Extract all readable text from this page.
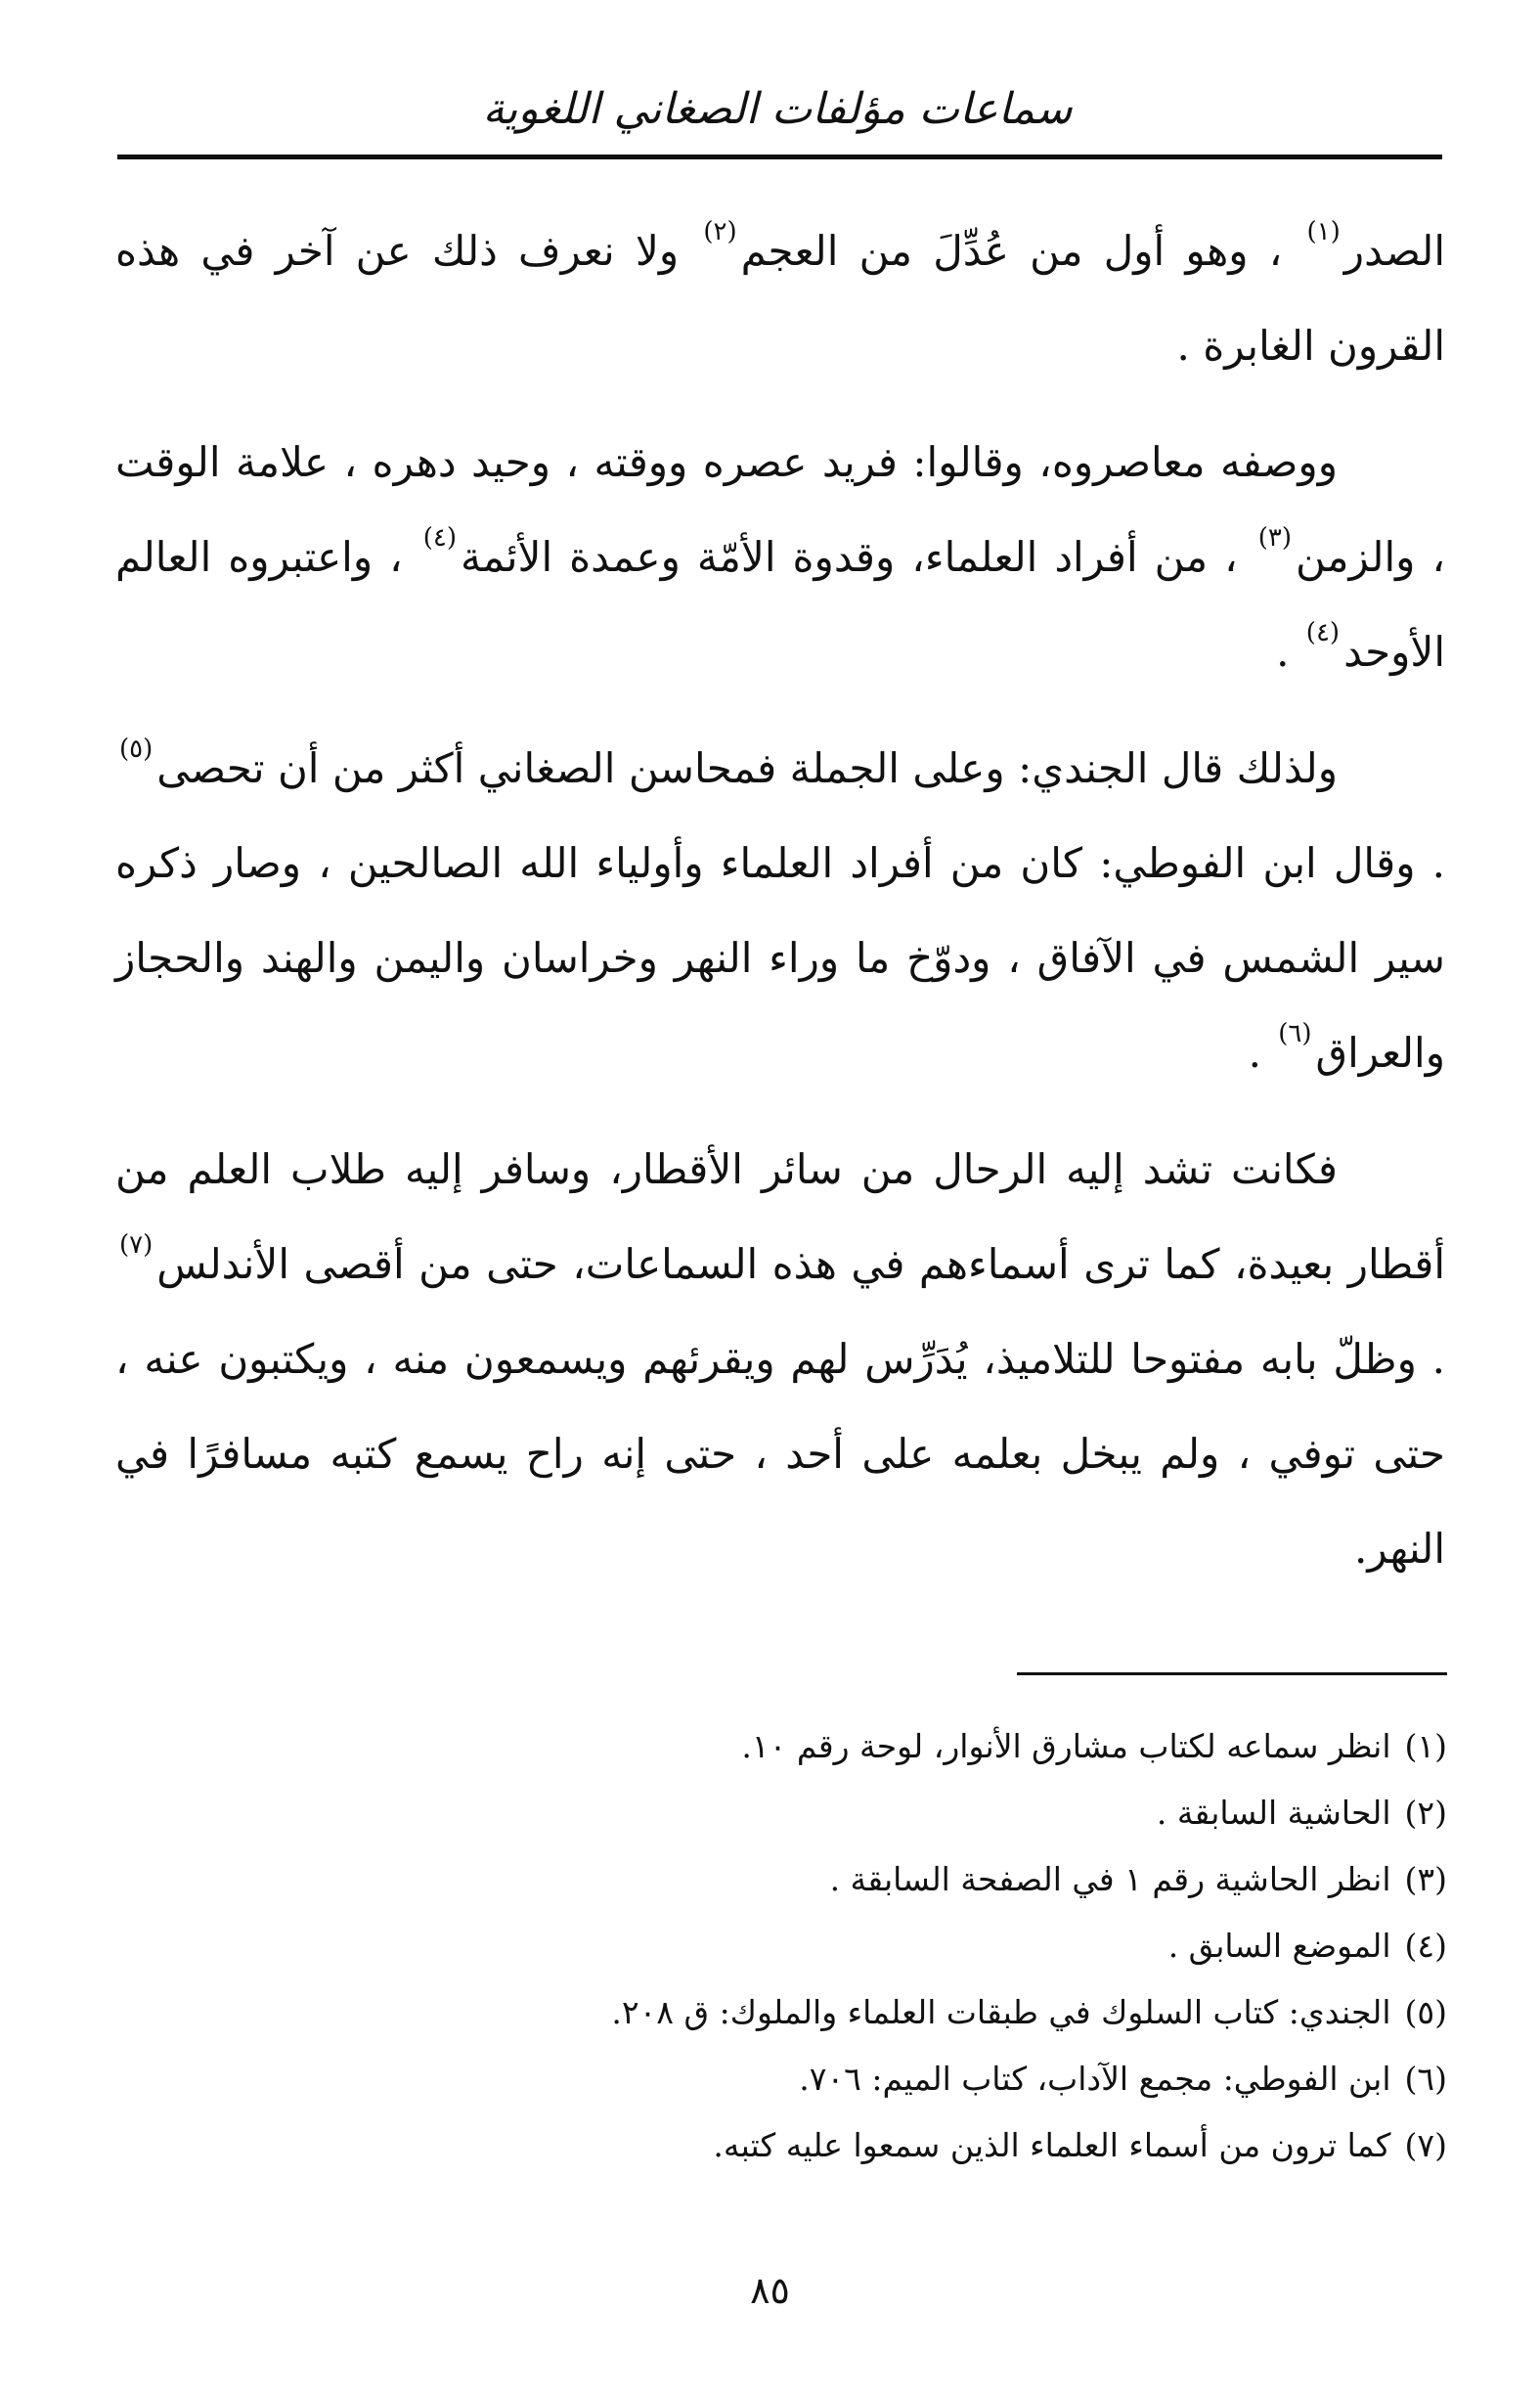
سماعات مؤلفات الصغاني اللغوية

الصدر$^{(١)}$ ، وهو أول من عُدِّلَ من العجم$^{(٢)}$ ولا نعرف ذلك عن آخر في هذه القرون الغابرة .

ووصفه معاصروه، وقالوا: فريد عصره ووقته ، وحيد دهره ، علامة الوقت ، والزمن$^{(٣)}$ ، من أفراد العلماء، وقدوة الأمّة وعمدة الأئمة$^{(٤)}$ ، واعتبروه العالم الأوحد$^{(٤)}$ .

ولذلك قال الجندي: وعلى الجملة فمحاسن الصغاني أكثر من أن تحصى$^{(٥)}$ . وقال ابن الفوطي: كان من أفراد العلماء وأولياء الله الصالحين ، وصار ذكره سير الشمس في الآفاق ، ودوّخ ما وراء النهر وخراسان واليمن والهند والحجاز والعراق$^{(٦)}$ .

فكانت تشد إليه الرحال من سائر الأقطار، وسافر إليه طلاب العلم من أقطار بعيدة، كما ترى أسماءهم في هذه السماعات، حتى من أقصى الأندلس$^{(٧)}$ . وظلّ بابه مفتوحا للتلاميذ، يُدَرِّس لهم ويقرئهم ويسمعون منه ، ويكتبون عنه ، حتى توفي ، ولم يبخل بعلمه على أحد ، حتى إنه راح يسمع كتبه مسافرًا في النهر.

(١)انظر سماعه لكتاب مشارق الأنوار، لوحة رقم ١٠.

(٢)الحاشية السابقة .

(٣)انظر الحاشية رقم ١ في الصفحة السابقة .

(٤)الموضع السابق .

(٥)الجندي: كتاب السلوك في طبقات العلماء والملوك: ق ٢٠٨.

(٦)ابن الفوطي: مجمع الآداب، كتاب الميم: ٧٠٦.

(٧)كما ترون من أسماء العلماء الذين سمعوا عليه كتبه.

٨٥
